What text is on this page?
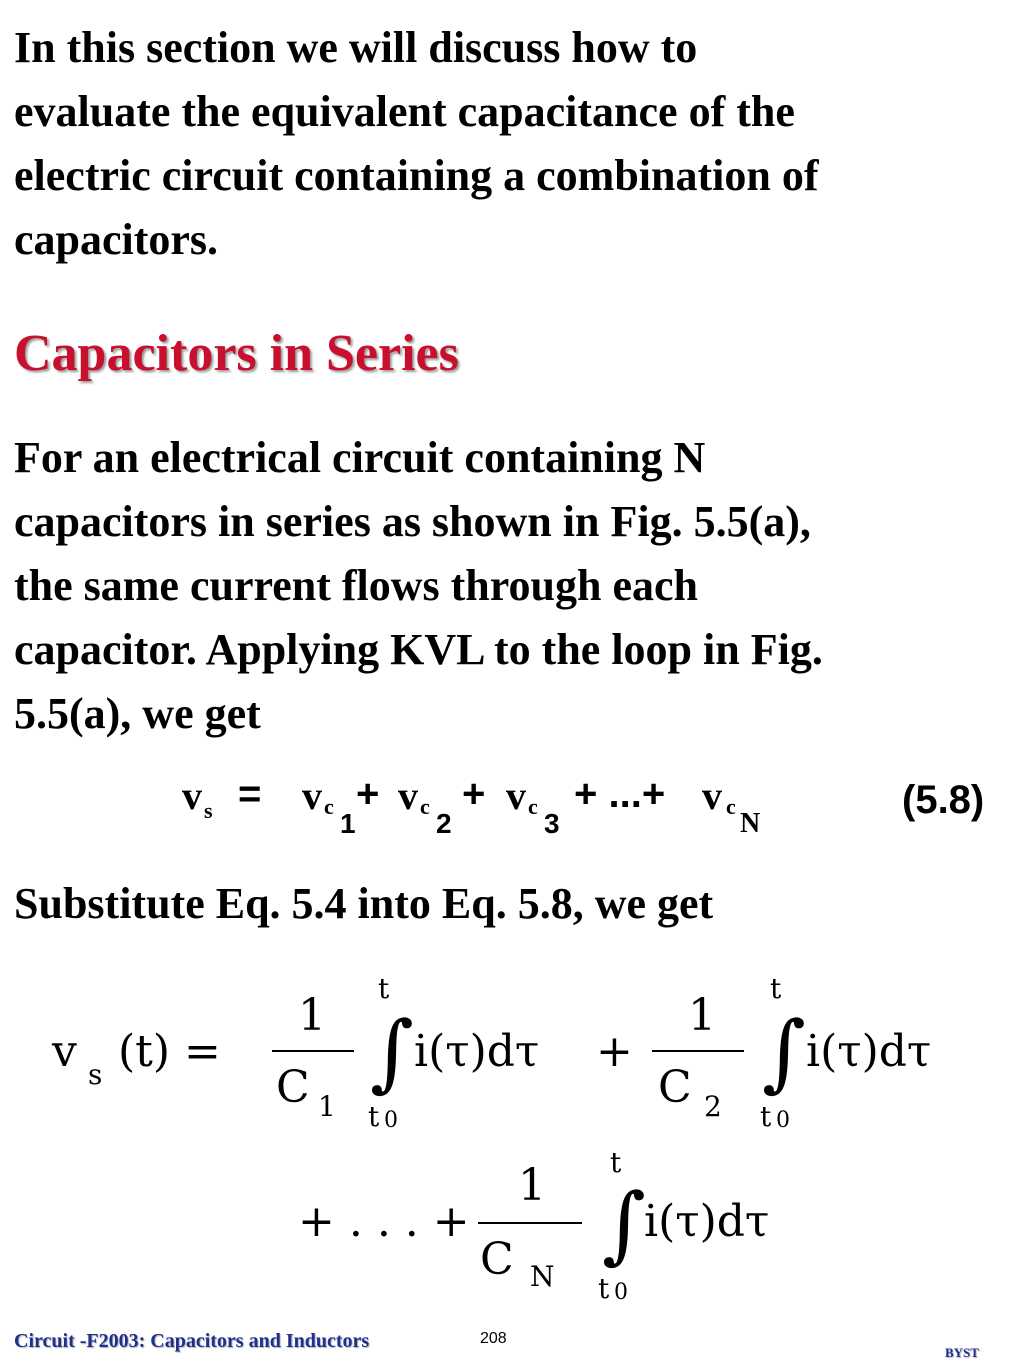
In this section we will discuss how to
evaluate the equivalent capacitance of the
electric circuit containing a combination of
capacitors.
Capacitors in Series
For an electrical circuit containing N
capacitors in series as shown in Fig. 5.5(a),
the same current flows through each
capacitor. Applying KVL to the loop in Fig.
5.5(a), we get
v s = v c
1
+ v c
2
+ v c
3
+ ...+ v c
N
(5.8)
Substitute Eq. 5.4 into Eq. 5.8, we get
v s (t) =
1
C 1
t
∫
t 0
i(τ)dτ +
1
C 2
t
∫
t 0
i(τ)dτ
+ . . . +
1
C N
t
∫
t 0
i(τ)dτ
Circuit -F2003: Capacitors and Inductors	208
BYST
